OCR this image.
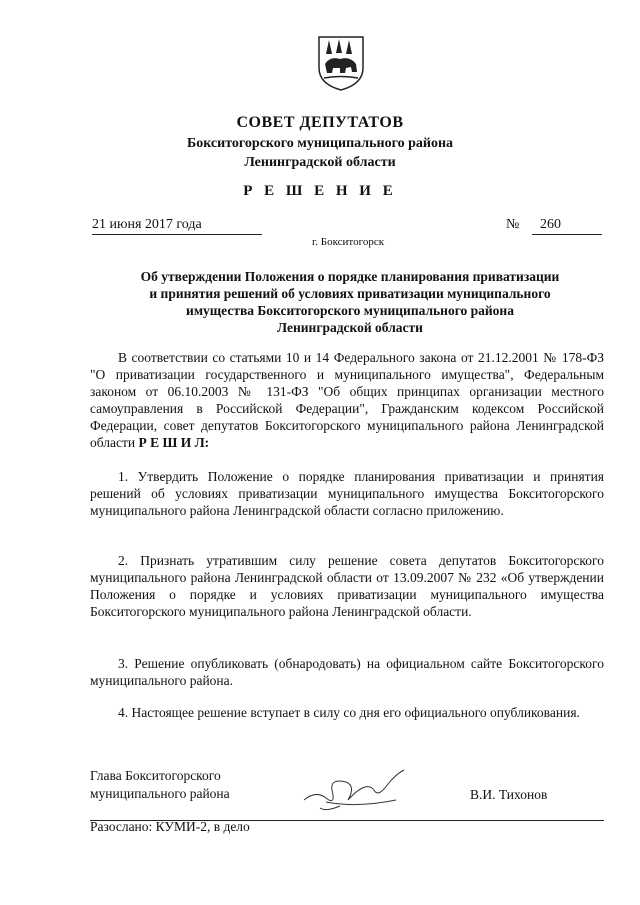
СОВЕТ ДЕПУТАТОВ
Бокситогорского муниципального района
Ленинградской области
Р Е Ш Е Н И Е
21 июня 2017 года	№ 260
г. Бокситогорск
Об утверждении Положения о порядке планирования приватизации
и принятия решений об условиях приватизации муниципального
имущества Бокситогорского муниципального района
Ленинградской области
В соответствии со статьями 10 и 14 Федерального закона от 21.12.2001 № 178-ФЗ "О приватизации государственного и муниципального имущества", Федеральным законом от 06.10.2003 № 131-ФЗ "Об общих принципах организации местного самоуправления в Российской Федерации", Гражданским кодексом Российской Федерации, совет депутатов Бокситогорского муниципального района Ленинградской области Р Е Ш И Л:
1. Утвердить Положение о порядке планирования приватизации и принятия решений об условиях приватизации муниципального имущества Бокситогорского муниципального района Ленинградской области согласно приложению.
2. Признать утратившим силу решение совета депутатов Бокситогорского муниципального района Ленинградской области от 13.09.2007 № 232 «Об утверждении Положения о порядке и условиях приватизации муниципального имущества Бокситогорского муниципального района Ленинградской области.
3. Решение опубликовать (обнародовать) на официальном сайте Бокситогорского муниципального района.
4. Настоящее решение вступает в силу со дня его официального опубликования.
Глава Бокситогорского
муниципального района	В.И. Тихонов
Разослано: КУМИ-2, в дело
